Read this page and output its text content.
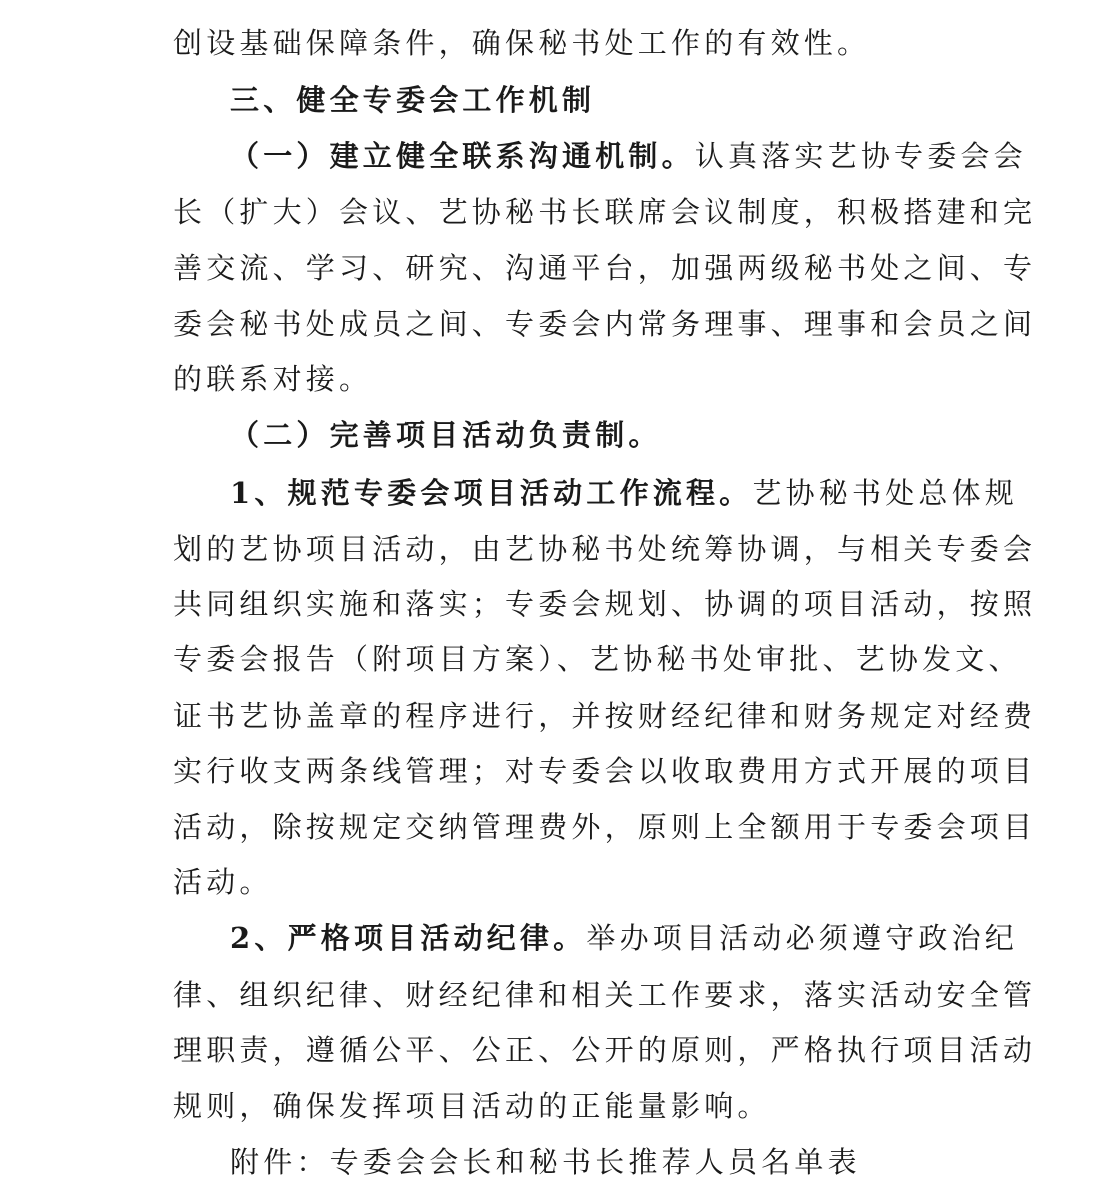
创设基础保障条件，确保秘书处工作的有效性。
三、健全专委会工作机制
（一）建立健全联系沟通机制。认真落实艺协专委会会
长（扩大）会议、艺协秘书长联席会议制度，积极搭建和完
善交流、学习、研究、沟通平台，加强两级秘书处之间、专
委会秘书处成员之间、专委会内常务理事、理事和会员之间
的联系对接。
（二）完善项目活动负责制。
1、规范专委会项目活动工作流程。艺协秘书处总体规
划的艺协项目活动，由艺协秘书处统筹协调，与相关专委会
共同组织实施和落实；专委会规划、协调的项目活动，按照
专委会报告（附项目方案）、艺协秘书处审批、艺协发文、
证书艺协盖章的程序进行，并按财经纪律和财务规定对经费
实行收支两条线管理；对专委会以收取费用方式开展的项目
活动，除按规定交纳管理费外，原则上全额用于专委会项目
活动。
2、严格项目活动纪律。举办项目活动必须遵守政治纪
律、组织纪律、财经纪律和相关工作要求，落实活动安全管
理职责，遵循公平、公正、公开的原则，严格执行项目活动
规则，确保发挥项目活动的正能量影响。
附件：专委会会长和秘书长推荐人员名单表
